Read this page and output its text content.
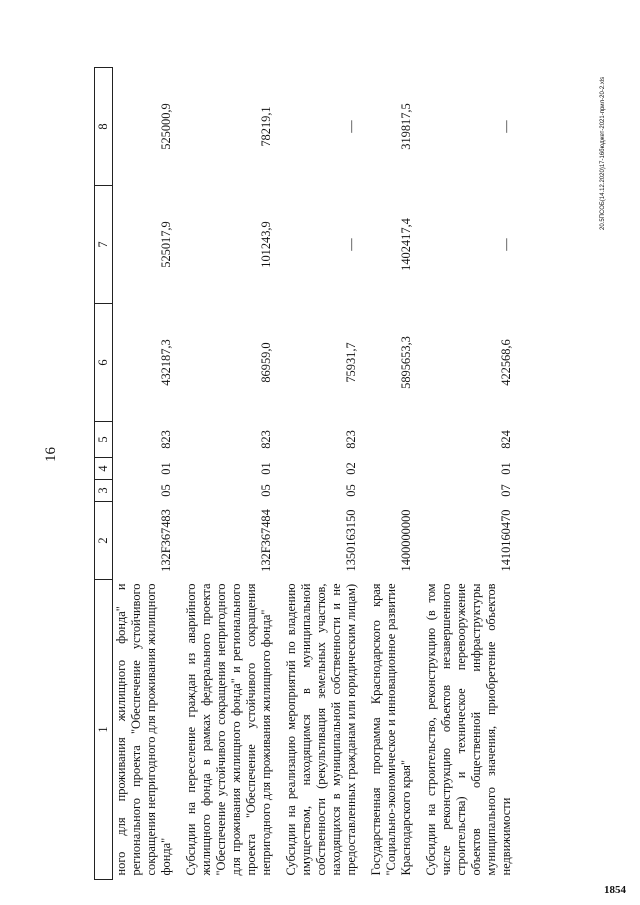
16
1854
20.5ПСОБ(14.12.2020)17-16бюджет-2021-прил-20-2.xls
1	2	3	4	5	6	7	8
ного для проживания жилищного фонда" и регионального проекта "Обеспечение устойчивого сокращения непригодного для проживания жилищного фонда"	132F367483	05	01	823	432187,3	525017,9	525000,9
Субсидии на переселение граждан из аварийного жилищного фонда в рамках федерального проекта "Обеспечение устойчивого сокращения непригодного для проживания жилищного фонда" и регионального проекта "Обеспечение устойчивого сокращения непригодного для проживания жилищного фонда"	132F367484	05	01	823	86959,0	101243,9	78219,1
Субсидии на реализацию мероприятий по владению имуществом, находящимся в муниципальной собственности (рекультивация земельных участков, находящихся в муниципальной собственности и не предоставленных гражданам или юридическим лицам)	1350163150	05	02	823	75931,7	—	—
Государственная программа Краснодарского края "Социально-экономическое и инновационное развитие Краснодарского края"	1400000000				5895653,3	1402417,4	319817,5
Субсидии на строительство, реконструкцию (в том числе реконструкцию объектов незавершенного строительства) и техническое перевооружение объектов общественной инфраструктуры муниципального значения, приобретение объектов недвижимости	1410160470	07	01	824	422568,6	—	—
